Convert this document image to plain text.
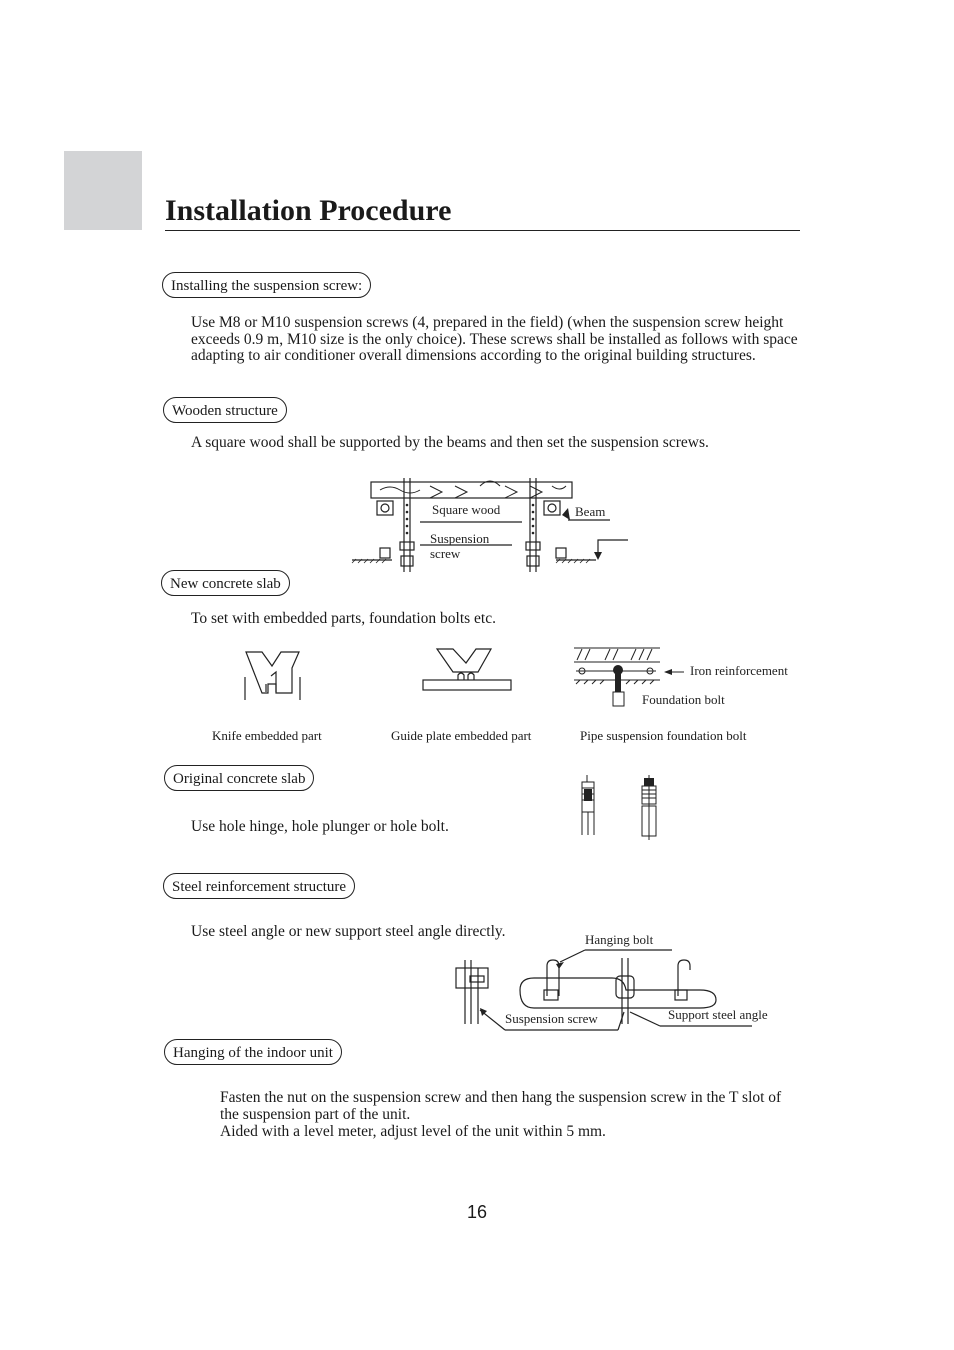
Installation Procedure
Installing the suspension screw:

Use M8 or M10 suspension screws (4, prepared in the field) (when the suspension screw height exceeds 0.9 m, M10 size is the only choice). These screws shall be installed as follows with space adapting to air conditioner overall dimensions according to the original building structures.

Wooden structure

A square wood shall be supported by the beams and then set the suspension screws.

Square wood	Beam
Suspension
screw
Iron reinforcement
Foundation bolt
Hanging bolt
Suspension screw	Support steel angle
New concrete slab

To set with embedded parts, foundation bolts etc.

Knife embedded part	Guide plate embedded part	Pipe suspension foundation bolt
Original concrete slab

Use hole hinge, hole plunger or hole bolt.

Steel reinforcement structure

Use steel angle or new support steel angle directly.

Hanging of the indoor unit

Fasten the nut on the suspension screw and then hang the suspension screw in the T slot of the suspension part of the unit.

Aided with a level meter, adjust level of the unit within 5 mm.

16
